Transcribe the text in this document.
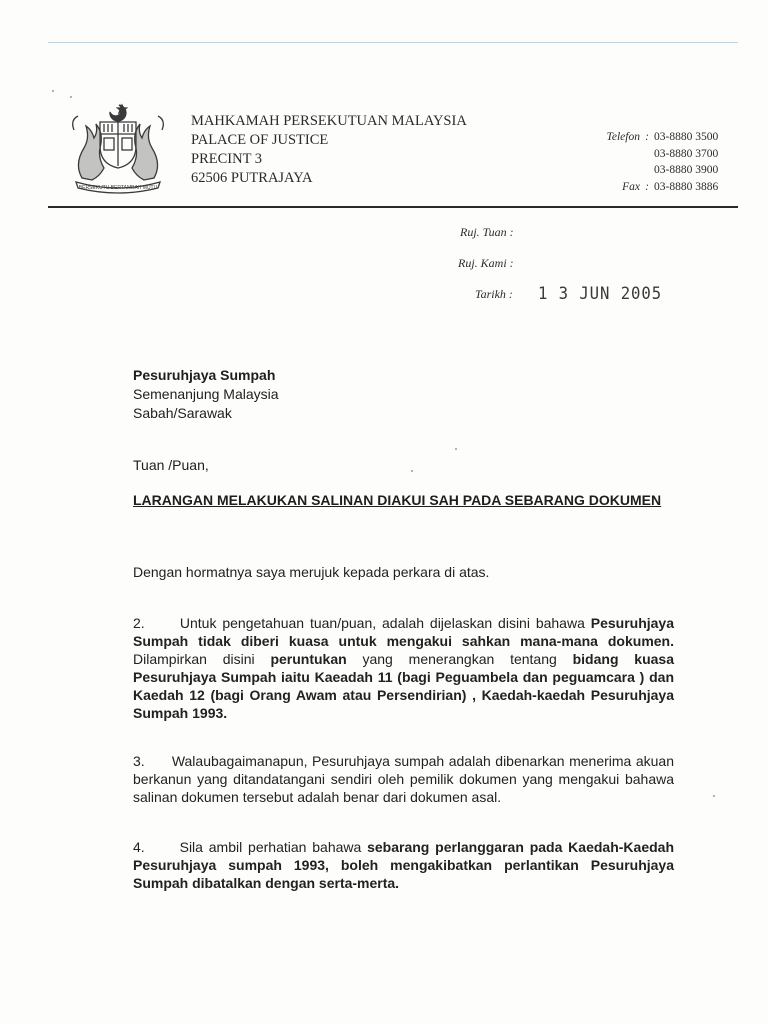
BERSEKUTU BERTAMBAH MUTU
MAHKAMAH PERSEKUTUAN MALAYSIA
PALACE OF JUSTICE
PRECINT 3
62506 PUTRAJAYA
Telefon : 03-8880 3500
03-8880 3700
03-8880 3900
Fax : 03-8880 3886
Ruj. Tuan :
Ruj. Kami :
Tarikh : 1 3 JUN 2005
Pesuruhjaya Sumpah
Semenanjung Malaysia
Sabah/Sarawak
Tuan /Puan,
LARANGAN MELAKUKAN SALINAN DIAKUI SAH PADA SEBARANG DOKUMEN
Dengan hormatnya saya merujuk kepada perkara di atas.
2.      Untuk pengetahuan tuan/puan, adalah dijelaskan disini bahawa Pesuruhjaya Sumpah tidak diberi kuasa untuk mengakui sahkan mana-mana dokumen. Dilampirkan disini peruntukan yang menerangkan tentang bidang kuasa Pesuruhjaya Sumpah iaitu Kaeadah 11 (bagi Peguambela dan peguamcara ) dan Kaedah 12 (bagi Orang Awam atau Persendirian) , Kaedah-kaedah Pesuruhjaya Sumpah 1993.
3.      Walaubagaimanapun, Pesuruhjaya sumpah adalah dibenarkan menerima akuan berkanun yang ditandatangani sendiri oleh pemilik dokumen yang mengakui bahawa salinan dokumen tersebut adalah benar dari dokumen asal.
4.      Sila ambil perhatian bahawa sebarang perlanggaran pada Kaedah-Kaedah Pesuruhjaya sumpah 1993, boleh mengakibatkan perlantikan Pesuruhjaya Sumpah dibatalkan dengan serta-merta.
